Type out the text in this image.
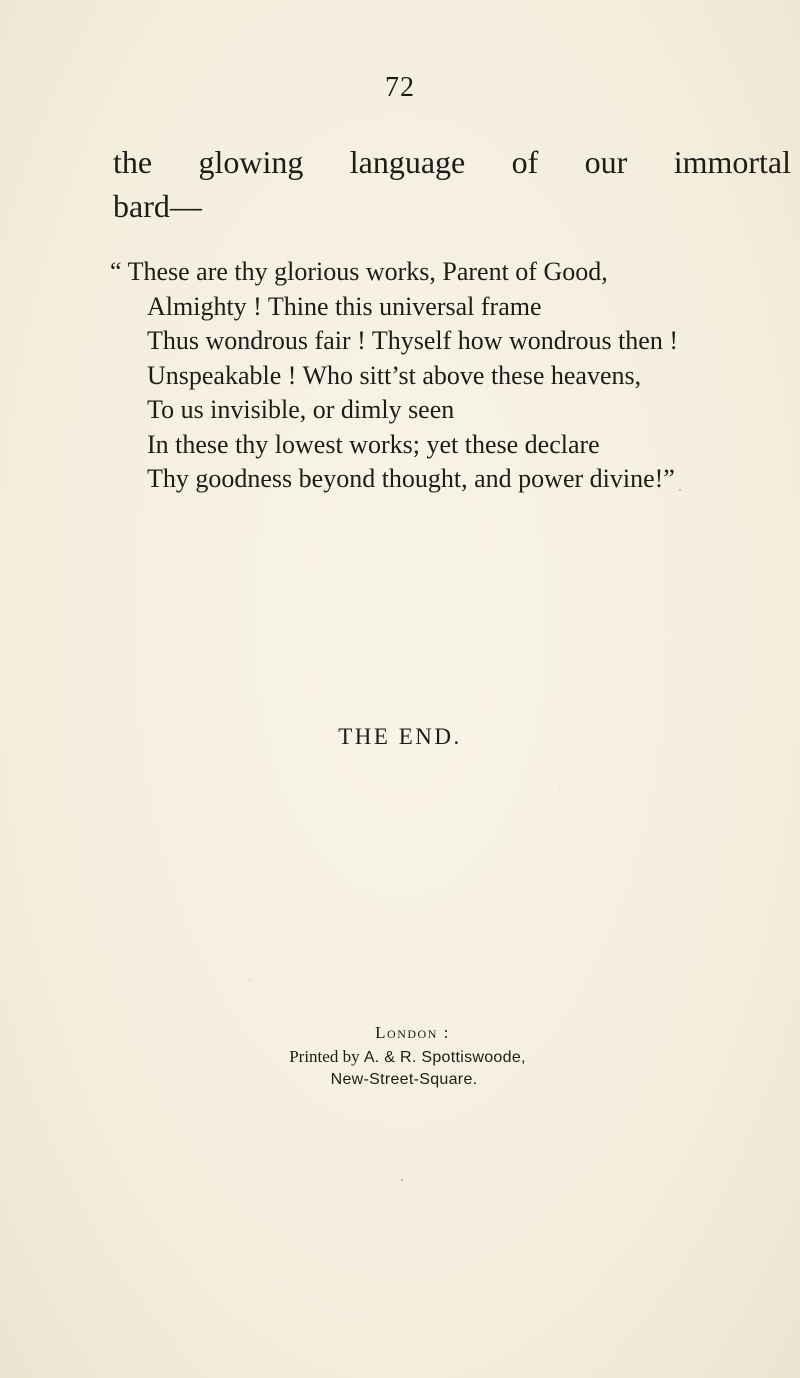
72
the glowing language of our immortal
bard—
“ These are thy glorious works, Parent of Good,
Almighty ! Thine this universal frame
Thus wondrous fair ! Thyself how wondrous then !
Unspeakable ! Who sitt’st above these heavens,
To us invisible, or dimly seen
In these thy lowest works; yet these declare
Thy goodness beyond thought, and power divine!”
THE END.
London :
Printed by A. & R. Spottiswoode,
New-Street-Square.
